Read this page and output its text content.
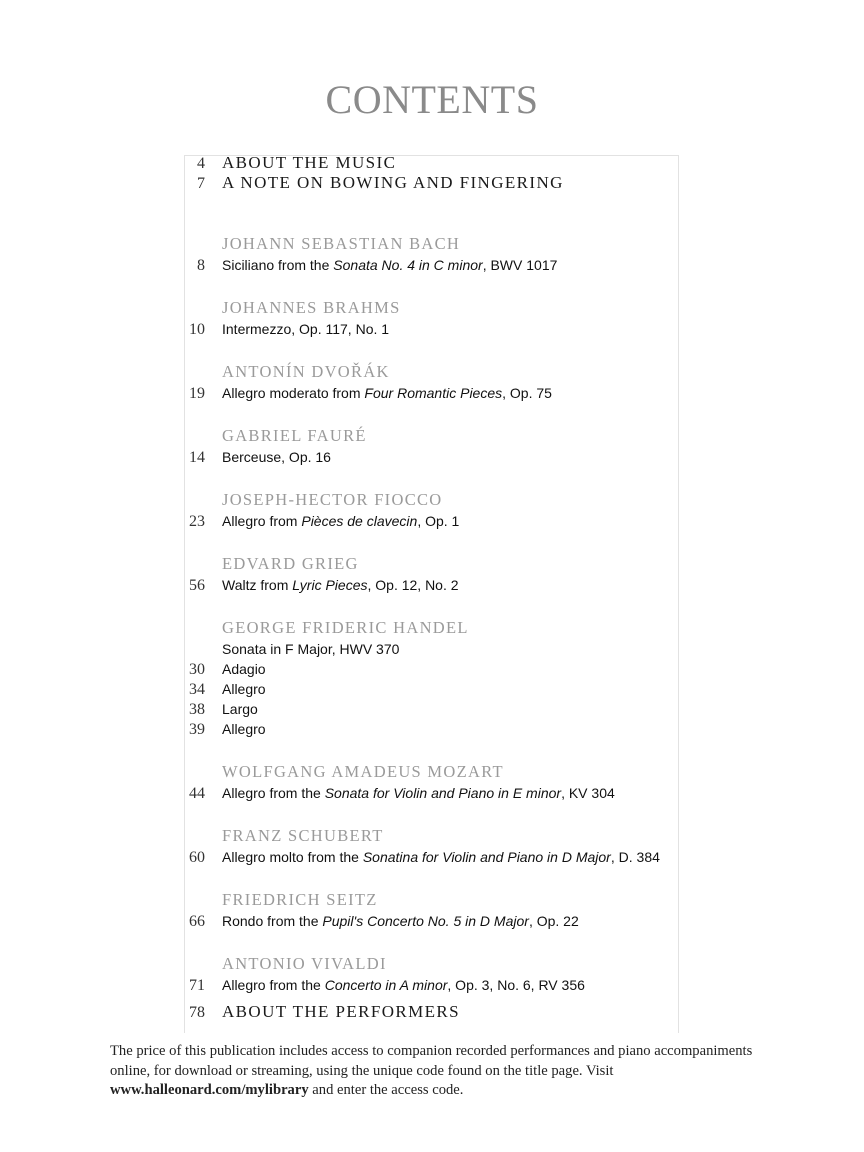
CONTENTS
4 ABOUT THE MUSIC
7 A NOTE ON BOWING AND FINGERING
JOHANN SEBASTIAN BACH
8 Siciliano from the Sonata No. 4 in C minor, BWV 1017
JOHANNES BRAHMS
10 Intermezzo, Op. 117, No. 1
ANTONÍN DVOŘÁK
19 Allegro moderato from Four Romantic Pieces, Op. 75
GABRIEL FAURÉ
14 Berceuse, Op. 16
JOSEPH-HECTOR FIOCCO
23 Allegro from Pièces de clavecin, Op. 1
EDVARD GRIEG
56 Waltz from Lyric Pieces, Op. 12, No. 2
GEORGE FRIDERIC HANDEL
Sonata in F Major, HWV 370
30 Adagio
34 Allegro
38 Largo
39 Allegro
WOLFGANG AMADEUS MOZART
44 Allegro from the Sonata for Violin and Piano in E minor, KV 304
FRANZ SCHUBERT
60 Allegro molto from the Sonatina for Violin and Piano in D Major, D. 384
FRIEDRICH SEITZ
66 Rondo from the Pupil's Concerto No. 5 in D Major, Op. 22
ANTONIO VIVALDI
71 Allegro from the Concerto in A minor, Op. 3, No. 6, RV 356
78 ABOUT THE PERFORMERS
The price of this publication includes access to companion recorded performances and piano accompaniments online, for download or streaming, using the unique code found on the title page. Visit www.halleonard.com/mylibrary and enter the access code.
